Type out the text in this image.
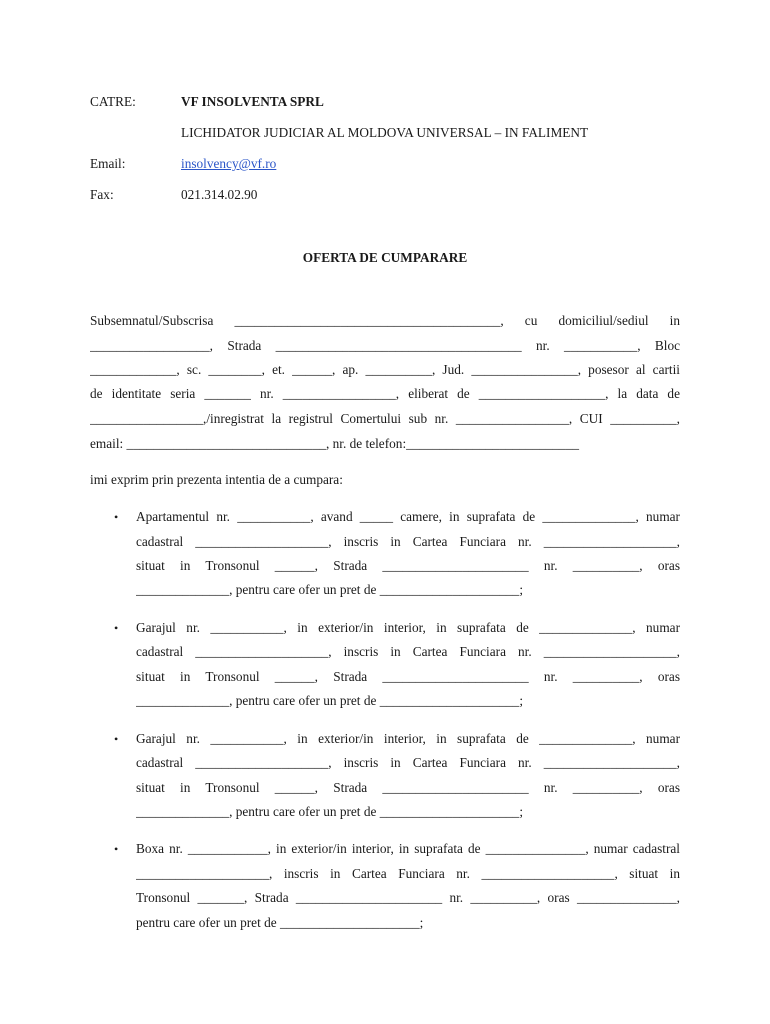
CATRE:	VF INSOLVENTA SPRL
LICHIDATOR JUDICIAR AL MOLDOVA UNIVERSAL – IN FALIMENT
Email:	insolvency@vf.ro
Fax:	021.314.02.90
OFERTA DE CUMPARARE
Subsemnatul/Subscrisa ________________________________________, cu domiciliul/sediul in
__________________, Strada _____________________________________ nr. ___________, Bloc
_____________, sc. ________, et. ______, ap. __________, Jud. ________________, posesor al cartii
de identitate seria _______ nr. _________________, eliberat de ___________________, la data de
_________________,/inregistrat la registrul Comertului sub nr. _________________, CUI __________,
email: ______________________________, nr. de telefon:__________________________
imi exprim prin prezenta intentia de a cumpara:
• Apartamentul nr. ___________, avand _____ camere, in suprafata de ______________, numar
cadastral ____________________, inscris in Cartea Funciara nr. ____________________,
situat in Tronsonul ______, Strada ______________________ nr. __________, oras
______________, pentru care ofer un pret de _____________________;
• Garajul nr. ___________, in exterior/in interior, in suprafata de ______________, numar
cadastral ____________________, inscris in Cartea Funciara nr. ____________________,
situat in Tronsonul ______, Strada ______________________ nr. __________, oras
______________, pentru care ofer un pret de _____________________;
• Garajul nr. ___________, in exterior/in interior, in suprafata de ______________, numar
cadastral ____________________, inscris in Cartea Funciara nr. ____________________,
situat in Tronsonul ______, Strada ______________________ nr. __________, oras
______________, pentru care ofer un pret de _____________________;
• Boxa nr. ____________, in exterior/in interior, in suprafata de _______________, numar cadastral
____________________, inscris in Cartea Funciara nr. ____________________, situat in
Tronsonul _______, Strada ______________________ nr. __________, oras _______________,
pentru care ofer un pret de _____________________;
